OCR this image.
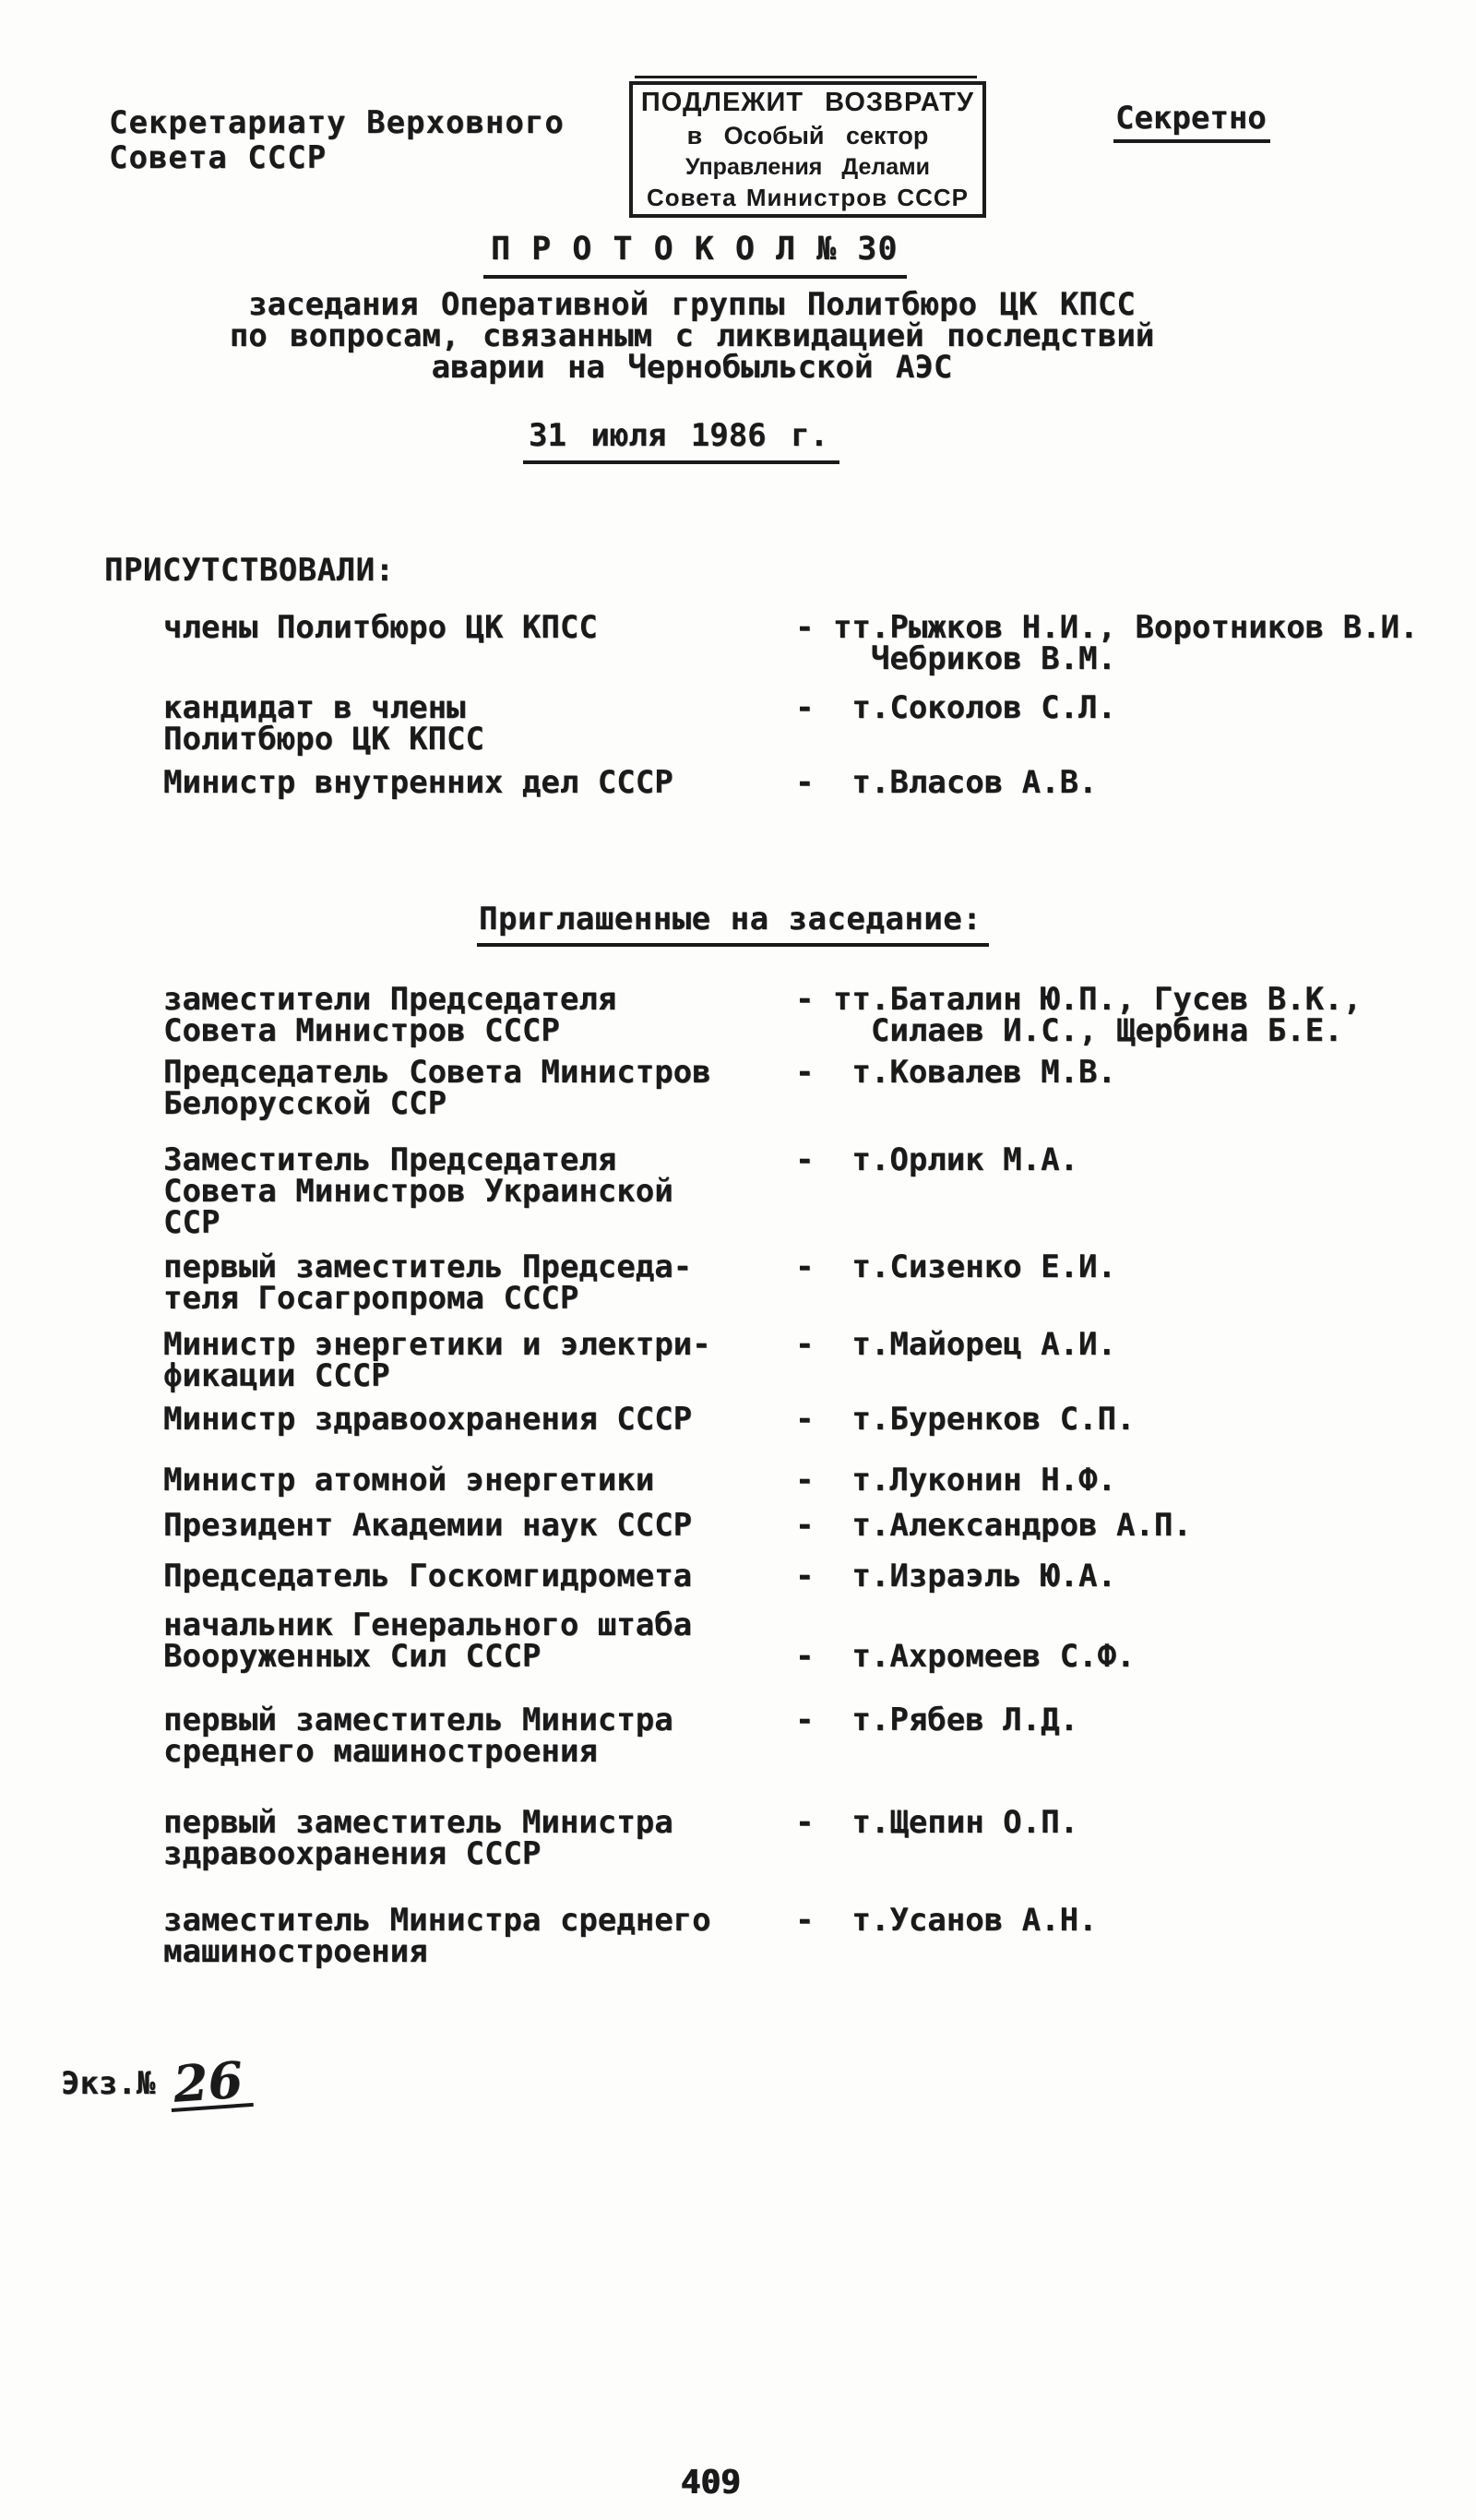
Секретариату Верховного
Совета СССР
ПОДЛЕЖИТ ВОЗВРАТУ
в Особый сектор
Управления Делами
Совета Министров СССР
Секретно
П Р О Т О К О Л № 30
заседания Оперативной группы Политбюро ЦК КПСС
по вопросам, связанным с ликвидацией последствий
аварии на Чернобыльской АЭС
31 июля 1986 г.
ПРИСУТСТВОВАЛИ:
члены Политбюро ЦК КПСС	- тт.Рыжков Н.И., Воротников В.И.
Чебриков В.М.
кандидат в члены
Политбюро ЦК КПСС
-  т.Соколов С.Л.
Министр внутренних дел СССР	-  т.Власов А.В.
Приглашенные на заседание:
заместители Председателя
Совета Министров СССР
- тт.Баталин Ю.П., Гусев В.К.,
Силаев И.С., Щербина Б.Е.
Председатель Совета Министров
Белорусской ССР
-  т.Ковалев М.В.
Заместитель Председателя
Совета Министров Украинской
ССР
-  т.Орлик М.А.
первый заместитель Председа-
теля Госагропрома СССР
-  т.Сизенко Е.И.
Министр энергетики и электри-
фикации СССР
-  т.Майорец А.И.
Министр здравоохранения СССР	-  т.Буренков С.П.
Министр атомной энергетики	-  т.Луконин Н.Ф.
Президент Академии наук СССР	-  т.Александров А.П.
Председатель Госкомгидромета	-  т.Израэль Ю.А.
начальник Генерального штаба
Вооруженных Сил СССР
	-  т.Ахромеев С.Ф.
первый заместитель Министра
среднего машиностроения
-  т.Рябев Л.Д.
первый заместитель Министра
здравоохранения СССР
-  т.Щепин О.П.
заместитель Министра среднего
машиностроения
-  т.Усанов А.Н.
Экз.№ 26
409
